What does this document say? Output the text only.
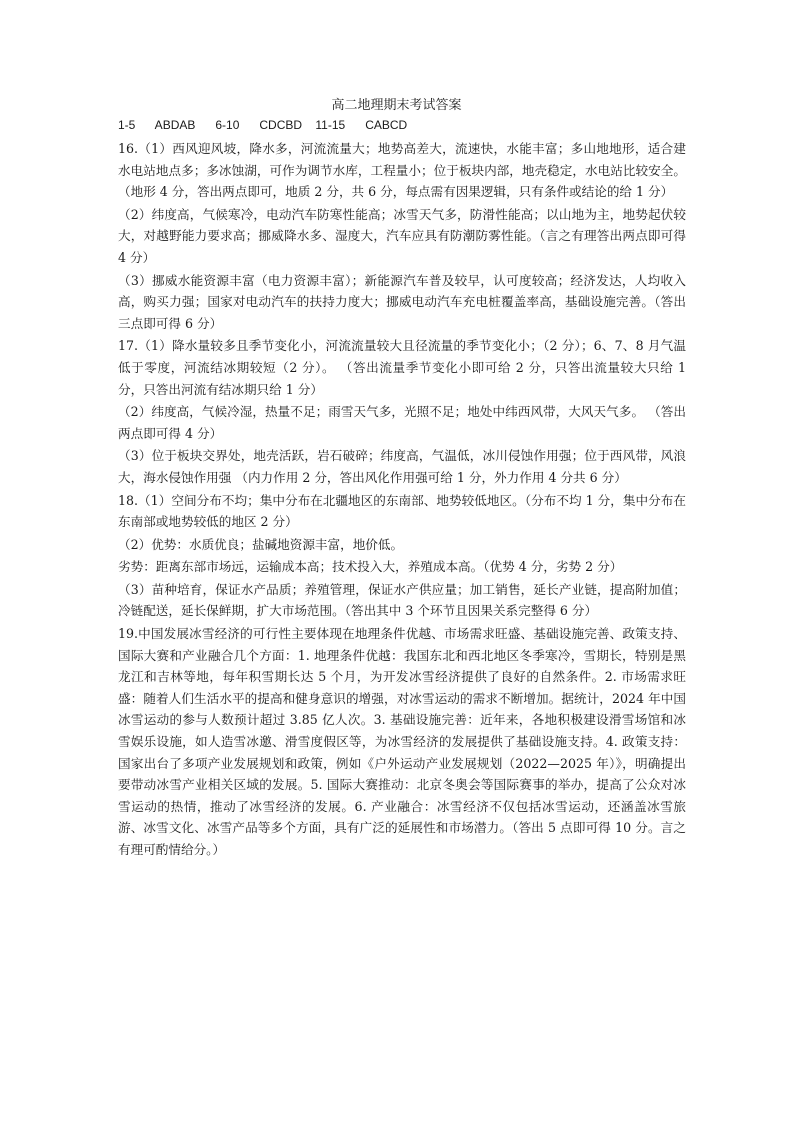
高二地理期末考试答案
1-5      ABDAB      6-10      CDCBD    11-15      CABCD

16.（1）西风迎风坡，降水多，河流流量大；地势高差大，流速快，水能丰富；多山地地形，适合建水电站地点多；多冰蚀湖，可作为调节水库，工程量小；位于板块内部，地壳稳定，水电站比较安全。（地形 4 分，答出两点即可，地质 2 分，共 6 分，每点需有因果逻辑，只有条件或结论的给 1 分）

（2）纬度高，气候寒冷，电动汽车防寒性能高；冰雪天气多，防滑性能高；以山地为主，地势起伏较大，对越野能力要求高；挪威降水多、湿度大，汽车应具有防潮防雾性能。（言之有理答出两点即可得 4 分）

（3）挪威水能资源丰富（电力资源丰富）；新能源汽车普及较早，认可度较高；经济发达，人均收入高，购买力强；国家对电动汽车的扶持力度大；挪威电动汽车充电桩覆盖率高，基础设施完善。（答出三点即可得 6 分）

17.（1）降水量较多且季节变化小，河流流量较大且径流量的季节变化小；（2 分）；6、7、8 月气温低于零度，河流结冰期较短（2 分）。 （答出流量季节变化小即可给 2 分，只答出流量较大只给 1 分，只答出河流有结冰期只给 1 分）

（2）纬度高，气候冷湿，热量不足；雨雪天气多，光照不足；地处中纬西风带，大风天气多。 （答出两点即可得 4 分）

（3）位于板块交界处，地壳活跃，岩石破碎；纬度高，气温低，冰川侵蚀作用强；位于西风带，风浪大，海水侵蚀作用强 （内力作用 2 分，答出风化作用强可给 1 分，外力作用 4 分共 6 分）

18.（1）空间分布不均；集中分布在北疆地区的东南部、地势较低地区。（分布不均 1 分，集中分布在东南部或地势较低的地区 2 分）

（2）优势：水质优良；盐碱地资源丰富，地价低。

劣势：距离东部市场远，运输成本高；技术投入大，养殖成本高。（优势 4 分，劣势 2 分）

（3）苗种培育，保证水产品质；养殖管理，保证水产供应量；加工销售，延长产业链，提高附加值；冷链配送，延长保鲜期，扩大市场范围。（答出其中 3 个环节且因果关系完整得 6 分）

19.中国发展冰雪经济的可行性主要体现在地理条件优越、市场需求旺盛、基础设施完善、政策支持、国际大赛和产业融合几个方面：1. 地理条件优越：我国东北和西北地区冬季寒冷，雪期长，特别是黑龙江和吉林等地，每年积雪期长达 5 个月，为开发冰雪经济提供了良好的自然条件。2. 市场需求旺盛：随着人们生活水平的提高和健身意识的增强，对冰雪运动的需求不断增加。据统计，2024 年中国冰雪运动的参与人数预计超过 3.85 亿人次。3. 基础设施完善：近年来，各地积极建设滑雪场馆和冰雪娱乐设施，如人造雪冰邀、滑雪度假区等，为冰雪经济的发展提供了基础设施支持。4. 政策支持：国家出台了多项产业发展规划和政策，例如《户外运动产业发展规划（2022—2025 年）》，明确提出要带动冰雪产业相关区域的发展。5. 国际大赛推动：北京冬奥会等国际赛事的举办，提高了公众对冰雪运动的热情，推动了冰雪经济的发展。6. 产业融合：冰雪经济不仅包括冰雪运动，还涵盖冰雪旅游、冰雪文化、冰雪产品等多个方面，具有广泛的延展性和市场潜力。（答出 5 点即可得 10 分。言之有理可酌情给分。）
